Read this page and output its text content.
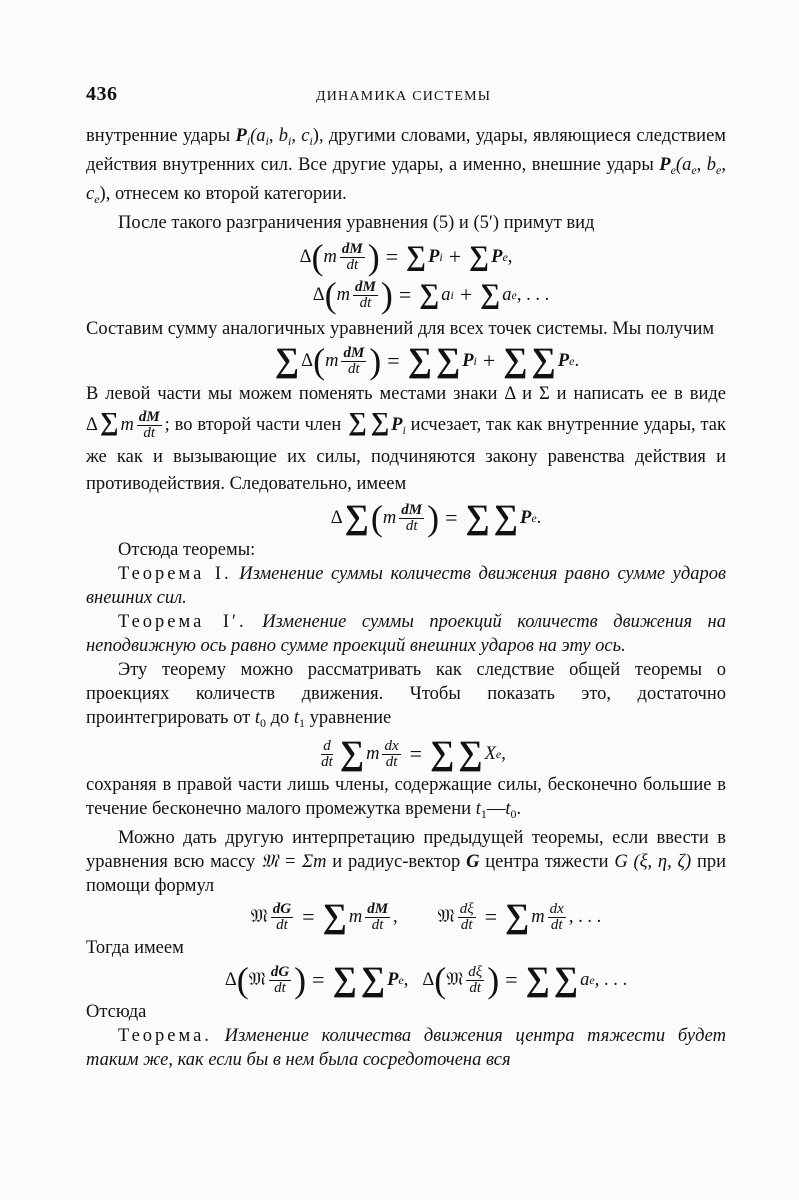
436	ДИНАМИКА СИСТЕМЫ

внутренние удары $P_i(a_i$, $b_i$, $c_i$), другими словами, удары, являющиеся следствием действия внутренних сил. Все другие удары, а именно, внешние удары $P_e(a_e$, $b_e$, $c_e$), отнесем ко второй категории.

После такого разграничения уравнения (5) и (5′) примут вид

Δ ( m $\frac{dM}{dt}$ ) = ∑ P i + ∑ P e ,
Δ ( m $\frac{dM}{dt}$ ) = ∑ a i + ∑ a e , . . .

Составим сумму аналогичных уравнений для всех точек системы. Мы получим

∑ Δ ( m $\frac{dM}{dt}$ ) = ∑ ∑ P i + ∑ ∑ P e .

В левой части мы можем поменять местами знаки Δ и Σ и написать ее в виде Δ∑ m $\frac{dM}{dt}$ ; во второй части член ∑ ∑ $P_i$ исчезает, так как внутренние удары, так же как и вызывающие их силы, подчиняются закону равенства действия и противодействия. Следовательно, имеем

Δ ∑ ( m $\frac{dM}{dt}$ ) = ∑ ∑ P e .

Отсюда теоремы:

Теорема I. Изменение суммы количеств движения равно сумме ударов внешних сил.

Теорема I′. Изменение суммы проекций количеств движения на неподвижную ось равно сумме проекций внешних ударов на эту ось.

Эту теорему можно рассматривать как следствие общей теоремы о проекциях количеств движения. Чтобы показать это, достаточно проинтегрировать от $t_0$ до $t_1$ уравнение

$\frac{d}{dt}$ ∑ m $\frac{dx}{dt}$ = ∑ ∑ X e ,

сохраняя в правой части лишь члены, содержащие силы, бесконечно большие в течение бесконечно малого промежутка времени $t_1—t_0$.

Можно дать другую интерпретацию предыдущей теоремы, если ввести в уравнения всю массу 𝔐 = Σm и радиус-вектор G центра тяжести G (ξ, η, ζ) при помощи формул

𝔐 $\frac{dG}{dt}$ = ∑ m $\frac{dM}{dt}$ , 𝔐 $\frac{d\xi}{dt}$ = ∑ m $\frac{dx}{dt}$ , . . .

Тогда имеем

Δ ( 𝔐 $\frac{dG}{dt}$ ) = ∑ ∑ P e , Δ ( 𝔐 $\frac{d\xi}{dt}$ ) = ∑ ∑ a e , . . .

Отсюда

Теорема. Изменение количества движения центра тяжести будет таким же, как если бы в нем была сосредоточена вся
